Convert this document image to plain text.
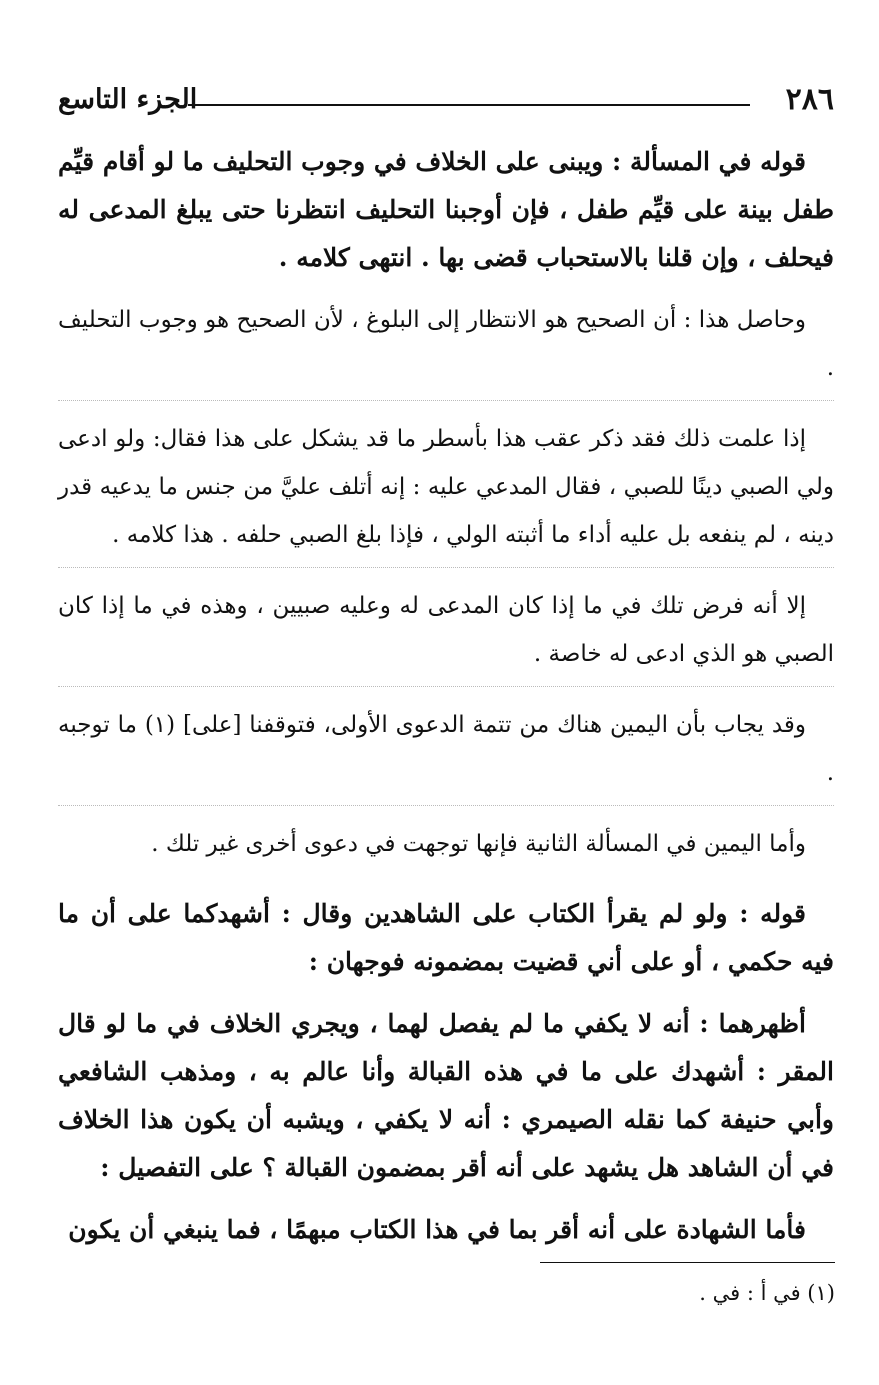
٢٨٦
الجزء التاسع

قوله في المسألة : ويبنى على الخلاف في وجوب التحليف ما لو أقام قيِّم طفل بينة على قيِّم طفل ، فإن أوجبنا التحليف انتظرنا حتى يبلغ المدعى له فيحلف ، وإن قلنا بالاستحباب قضى بها . انتهى كلامه .

وحاصل هذا : أن الصحيح هو الانتظار إلى البلوغ ، لأن الصحيح هو وجوب التحليف .

إذا علمت ذلك فقد ذكر عقب هذا بأسطر ما قد يشكل على هذا فقال: ولو ادعى ولي الصبي دينًا للصبي ، فقال المدعي عليه : إنه أتلف عليَّ من جنس ما يدعيه قدر دينه ، لم ينفعه بل عليه أداء ما أثبته الولي ، فإذا بلغ الصبي حلفه . هذا كلامه .

إلا أنه فرض تلك في ما إذا كان المدعى له وعليه صبيين ، وهذه في ما إذا كان الصبي هو الذي ادعى له خاصة .

وقد يجاب بأن اليمين هناك من تتمة الدعوى الأولى، فتوقفنا [على] (١) ما توجبه .

وأما اليمين في المسألة الثانية فإنها توجهت في دعوى أخرى غير تلك .

قوله : ولو لم يقرأ الكتاب على الشاهدين وقال : أشهدكما على أن ما فيه حكمي ، أو على أني قضيت بمضمونه فوجهان :

أظهرهما : أنه لا يكفي ما لم يفصل لهما ، ويجري الخلاف في ما لو قال المقر : أشهدك على ما في هذه القبالة وأنا عالم به ، ومذهب الشافعي وأبي حنيفة كما نقله الصيمري : أنه لا يكفي ، ويشبه أن يكون هذا الخلاف في أن الشاهد هل يشهد على أنه أقر بمضمون القبالة ؟ على التفصيل :

فأما الشهادة على أنه أقر بما في هذا الكتاب مبهمًا ، فما ينبغي أن يكون

(١) في أ : في .
